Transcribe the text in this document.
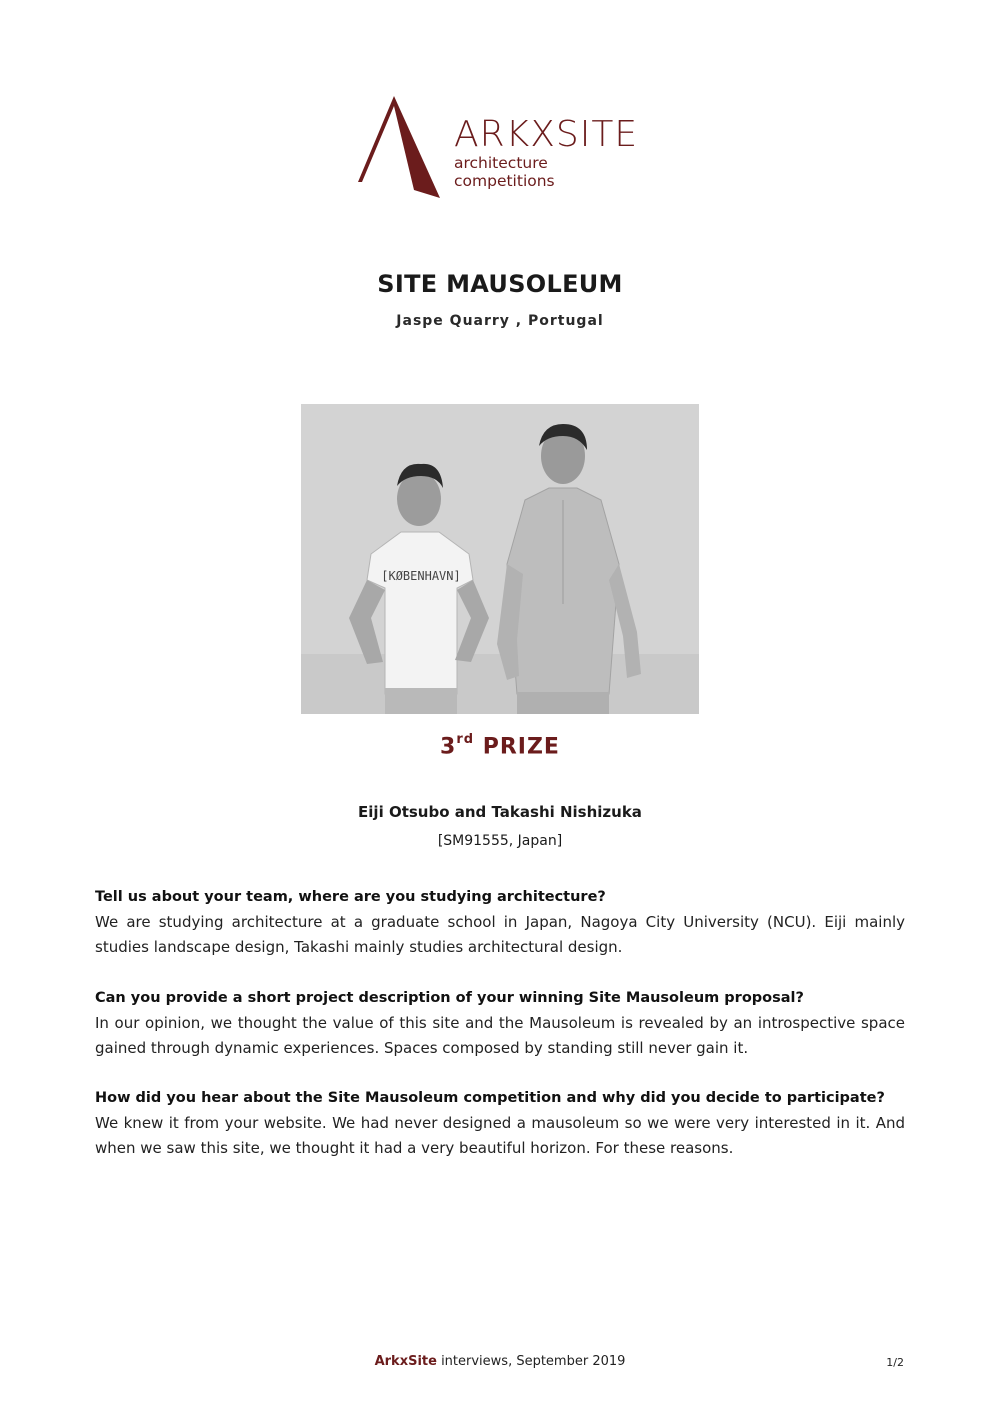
ARKXSITE
architecture competitions
SITE MAUSOLEUM
Jaspe Quarry , Portugal
[KØBENHAVN]
3rd PRIZE
Eiji Otsubo and Takashi Nishizuka
[SM91555, Japan]
Tell us about your team, where are you studying architecture?
We are studying architecture at a graduate school in Japan, Nagoya City University (NCU). Eiji mainly studies landscape design, Takashi mainly studies architectural design.
Can you provide a short project description of your winning Site Mausoleum proposal?
In our opinion, we thought the value of this site and the Mausoleum is revealed by an introspective space gained through dynamic experiences. Spaces composed by standing still never gain it.
How did you hear about the Site Mausoleum competition and why did you decide to participate?
We knew it from your website. We had never designed a mausoleum so we were very interested in it. And when we saw this site, we thought it had a very beautiful horizon. For these reasons.
ArkxSite interviews, September 2019	1/2
